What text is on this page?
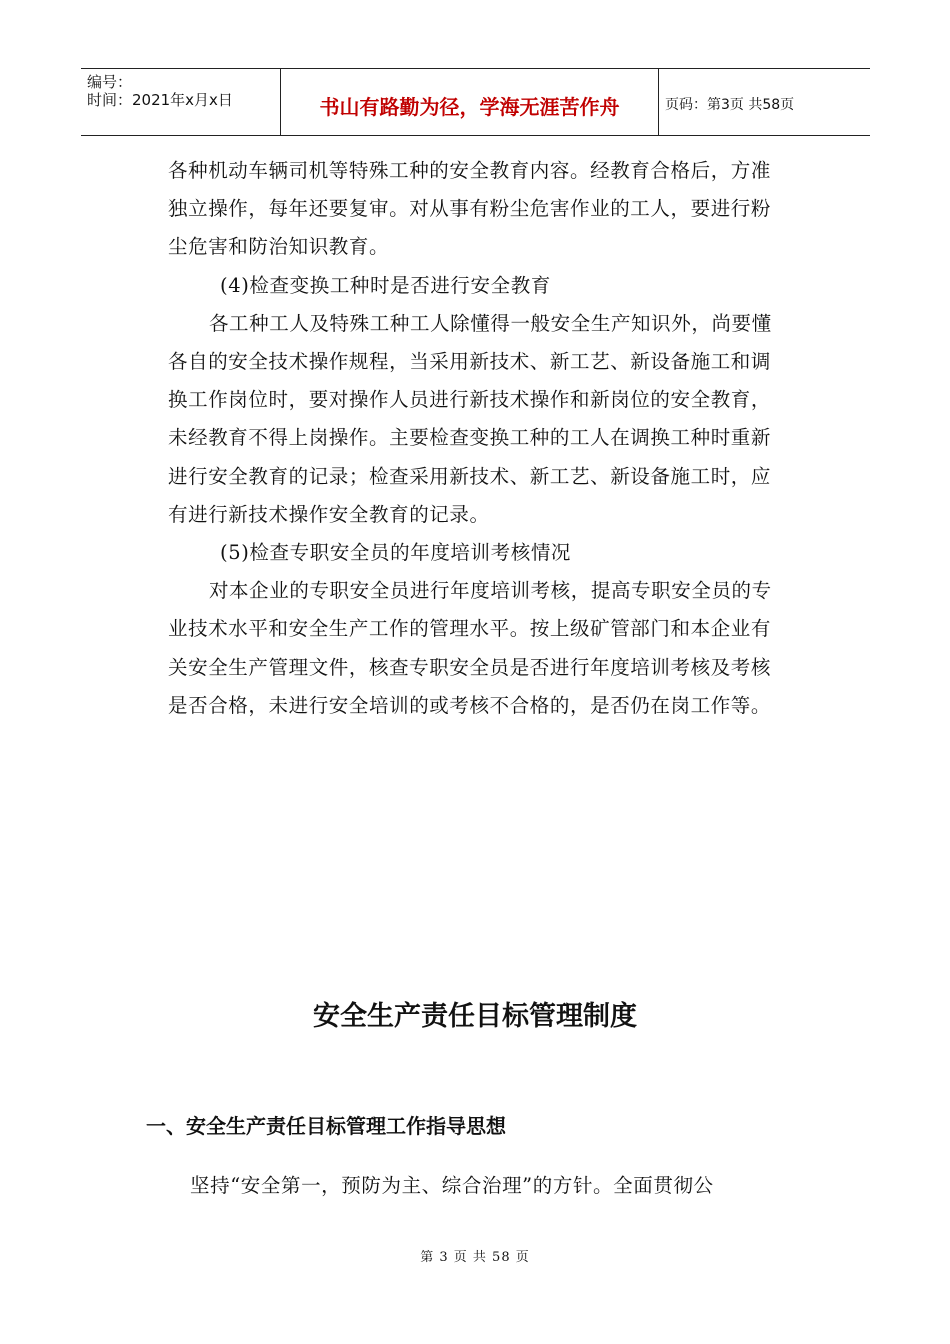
编号：
时间：2021年x月x日	书山有路勤为径，学海无涯苦作舟	页码：第3页 共58页

各种机动车辆司机等特殊工种的安全教育内容。经教育合格后，方准独立操作，每年还要复审。对从事有粉尘危害作业的工人，要进行粉尘危害和防治知识教育。

(4)检查变换工种时是否进行安全教育

各工种工人及特殊工种工人除懂得一般安全生产知识外，尚要懂各自的安全技术操作规程，当采用新技术、新工艺、新设备施工和调换工作岗位时，要对操作人员进行新技术操作和新岗位的安全教育，未经教育不得上岗操作。主要检查变换工种的工人在调换工种时重新进行安全教育的记录；检查采用新技术、新工艺、新设备施工时，应有进行新技术操作安全教育的记录。

(5)检查专职安全员的年度培训考核情况

对本企业的专职安全员进行年度培训考核，提高专职安全员的专业技术水平和安全生产工作的管理水平。按上级矿管部门和本企业有关安全生产管理文件，核查专职安全员是否进行年度培训考核及考核是否合格，未进行安全培训的或考核不合格的，是否仍在岗工作等。

安全生产责任目标管理制度
一、安全生产责任目标管理工作指导思想
坚持“安全第一，预防为主、综合治理”的方针。全面贯彻公
第 3 页 共 58 页
